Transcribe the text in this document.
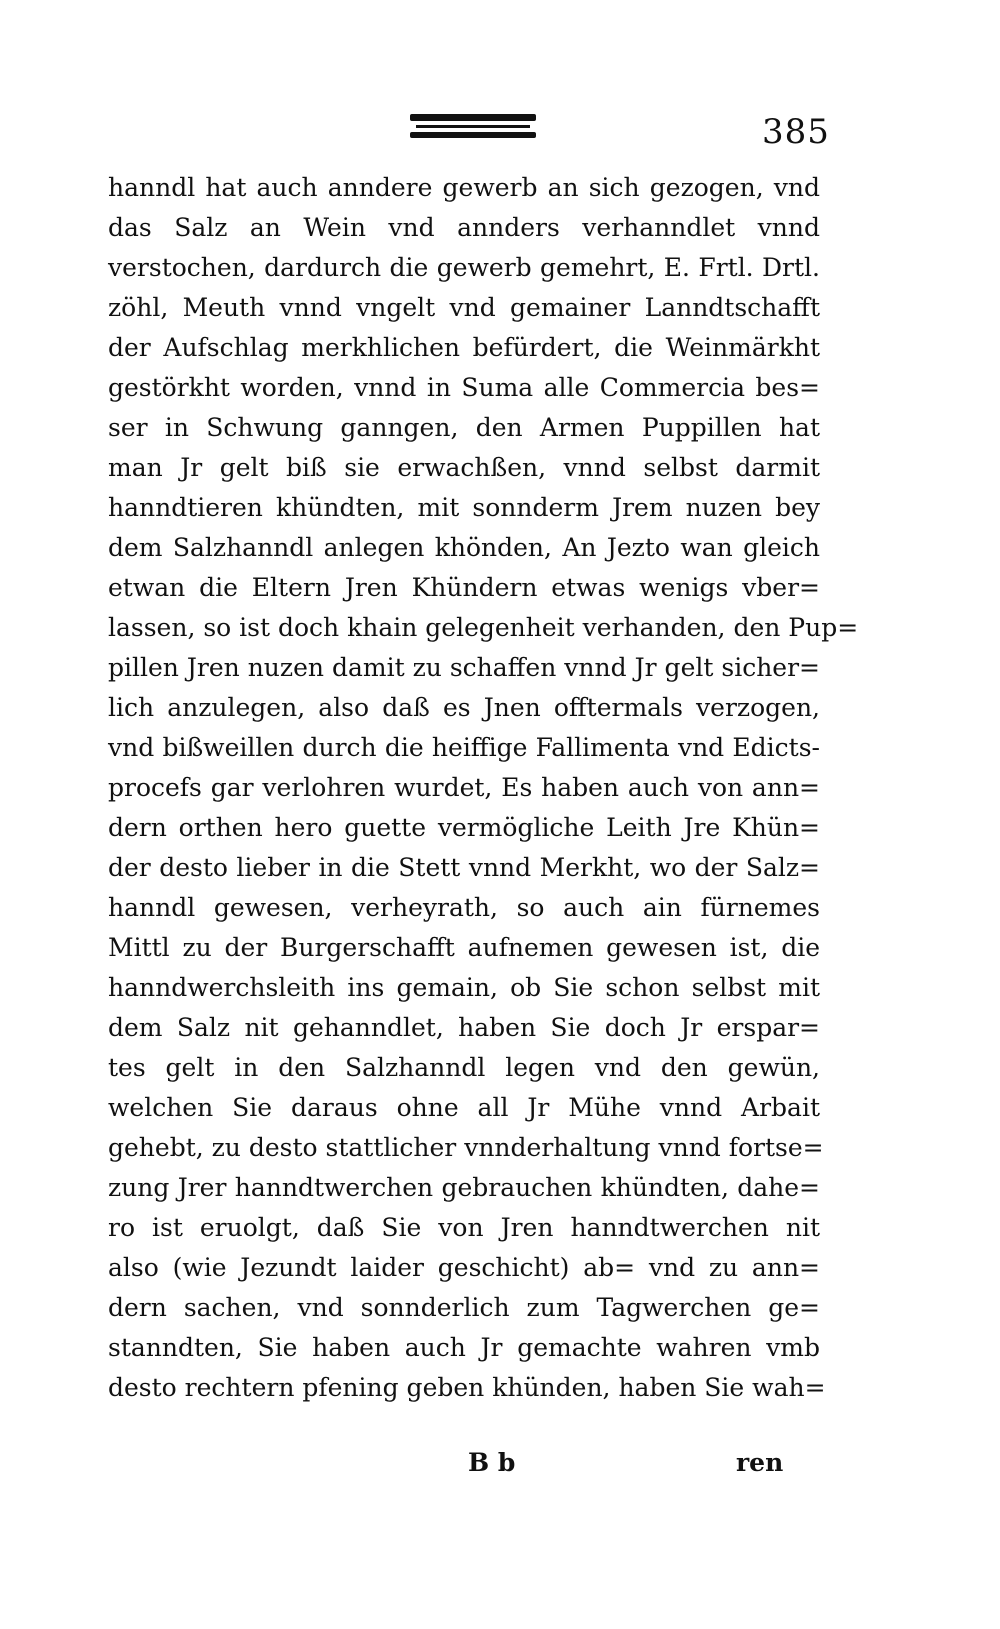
385
hanndl hat auch anndere gewerb an sich gezogen, vnd
das Salz an Wein vnd annders verhanndlet vnnd
verstochen, dardurch die gewerb gemehrt, E. Frtl. Drtl.
zöhl, Meuth vnnd vngelt vnd gemainer Lanndtschafft
der Aufschlag merkhlichen befürdert, die Weinmärkht
gestörkht worden, vnnd in Suma alle Commercia bes=
ser in Schwung ganngen, den Armen Puppillen hat
man Jr gelt biß sie erwachßen, vnnd selbst darmit
hanndtieren khündten, mit sonnderm Jrem nuzen bey
dem Salzhanndl anlegen khönden, An Jezto wan gleich
etwan die Eltern Jren Khündern etwas wenigs vber=
lassen, so ist doch khain gelegenheit verhanden, den Pup=
pillen Jren nuzen damit zu schaffen vnnd Jr gelt sicher=
lich anzulegen, also daß es Jnen offtermals verzogen,
vnd bißweillen durch die heiffige Fallimenta vnd Edicts-
procefs gar verlohren wurdet, Es haben auch von ann=
dern orthen hero guette vermögliche Leith Jre Khün=
der desto lieber in die Stett vnnd Merkht, wo der Salz=
hanndl gewesen, verheyrath, so auch ain fürnemes
Mittl zu der Burgerschafft aufnemen gewesen ist, die
hanndwerchsleith ins gemain, ob Sie schon selbst mit
dem Salz nit gehanndlet, haben Sie doch Jr erspar=
tes gelt in den Salzhanndl legen vnd den gewün,
welchen Sie daraus ohne all Jr Mühe vnnd Arbait
gehebt, zu desto stattlicher vnnderhaltung vnnd fortse=
zung Jrer hanndtwerchen gebrauchen khündten, dahe=
ro ist eruolgt, daß Sie von Jren hanndtwerchen nit
also (wie Jezundt laider geschicht) ab= vnd zu ann=
dern sachen, vnd sonnderlich zum Tagwerchen ge=
stanndten, Sie haben auch Jr gemachte wahren vmb
desto rechtern pfening geben khünden, haben Sie wah=
B b	ren
